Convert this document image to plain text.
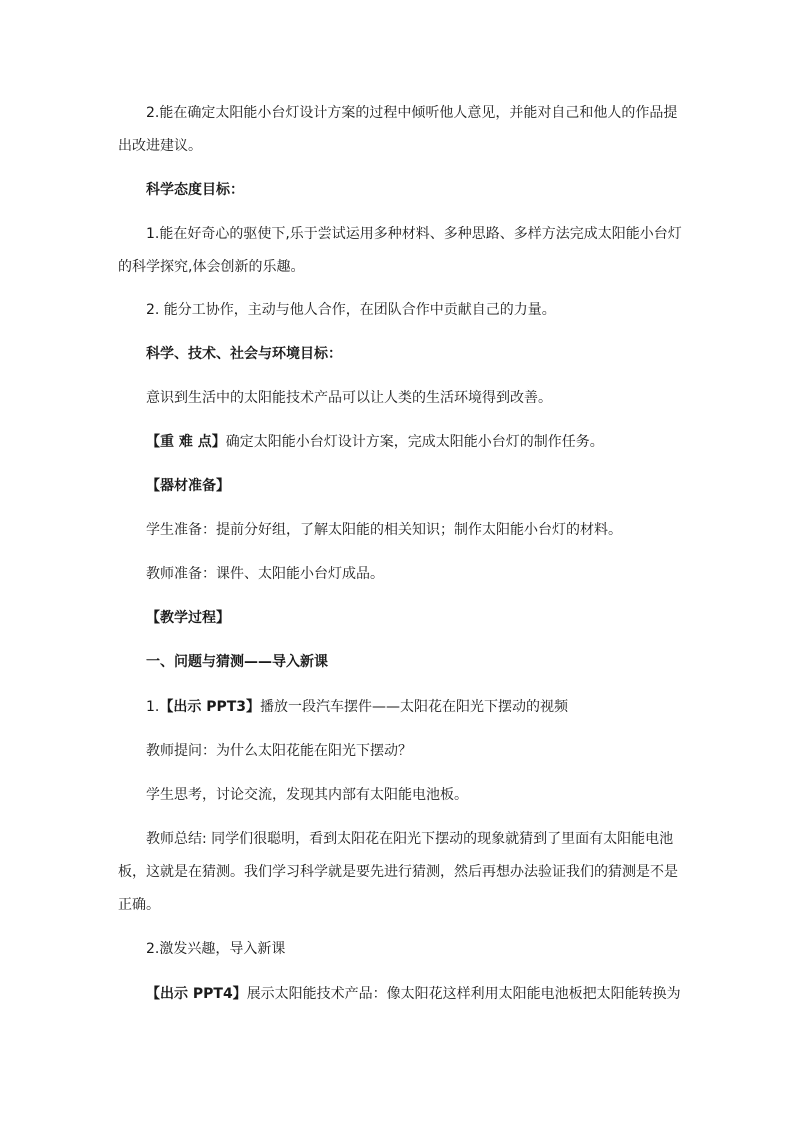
2.能在确定太阳能小台灯设计方案的过程中倾听他人意见，并能对自己和他人的作品提

出改进建议。

科学态度目标：

1.能在好奇心的驱使下,乐于尝试运用多种材料、多种思路、多样方法完成太阳能小台灯

的科学探究,体会创新的乐趣。

2. 能分工协作，主动与他人合作，在团队合作中贡献自己的力量。

科学、技术、社会与环境目标：

意识到生活中的太阳能技术产品可以让人类的生活环境得到改善。

【重 难 点】确定太阳能小台灯设计方案，完成太阳能小台灯的制作任务。

【器材准备】

学生准备：提前分好组，了解太阳能的相关知识；制作太阳能小台灯的材料。

教师准备：课件、太阳能小台灯成品。

【教学过程】

一、问题与猜测——导入新课

1.【出示 PPT3】播放一段汽车摆件——太阳花在阳光下摆动的视频

教师提问：为什么太阳花能在阳光下摆动？

学生思考，讨论交流，发现其内部有太阳能电池板。

教师总结: 同学们很聪明，看到太阳花在阳光下摆动的现象就猜到了里面有太阳能电池

板，这就是在猜测。我们学习科学就是要先进行猜测，然后再想办法验证我们的猜测是不是

正确。

2.激发兴趣，导入新课

【出示 PPT4】展示太阳能技术产品：像太阳花这样利用太阳能电池板把太阳能转换为
